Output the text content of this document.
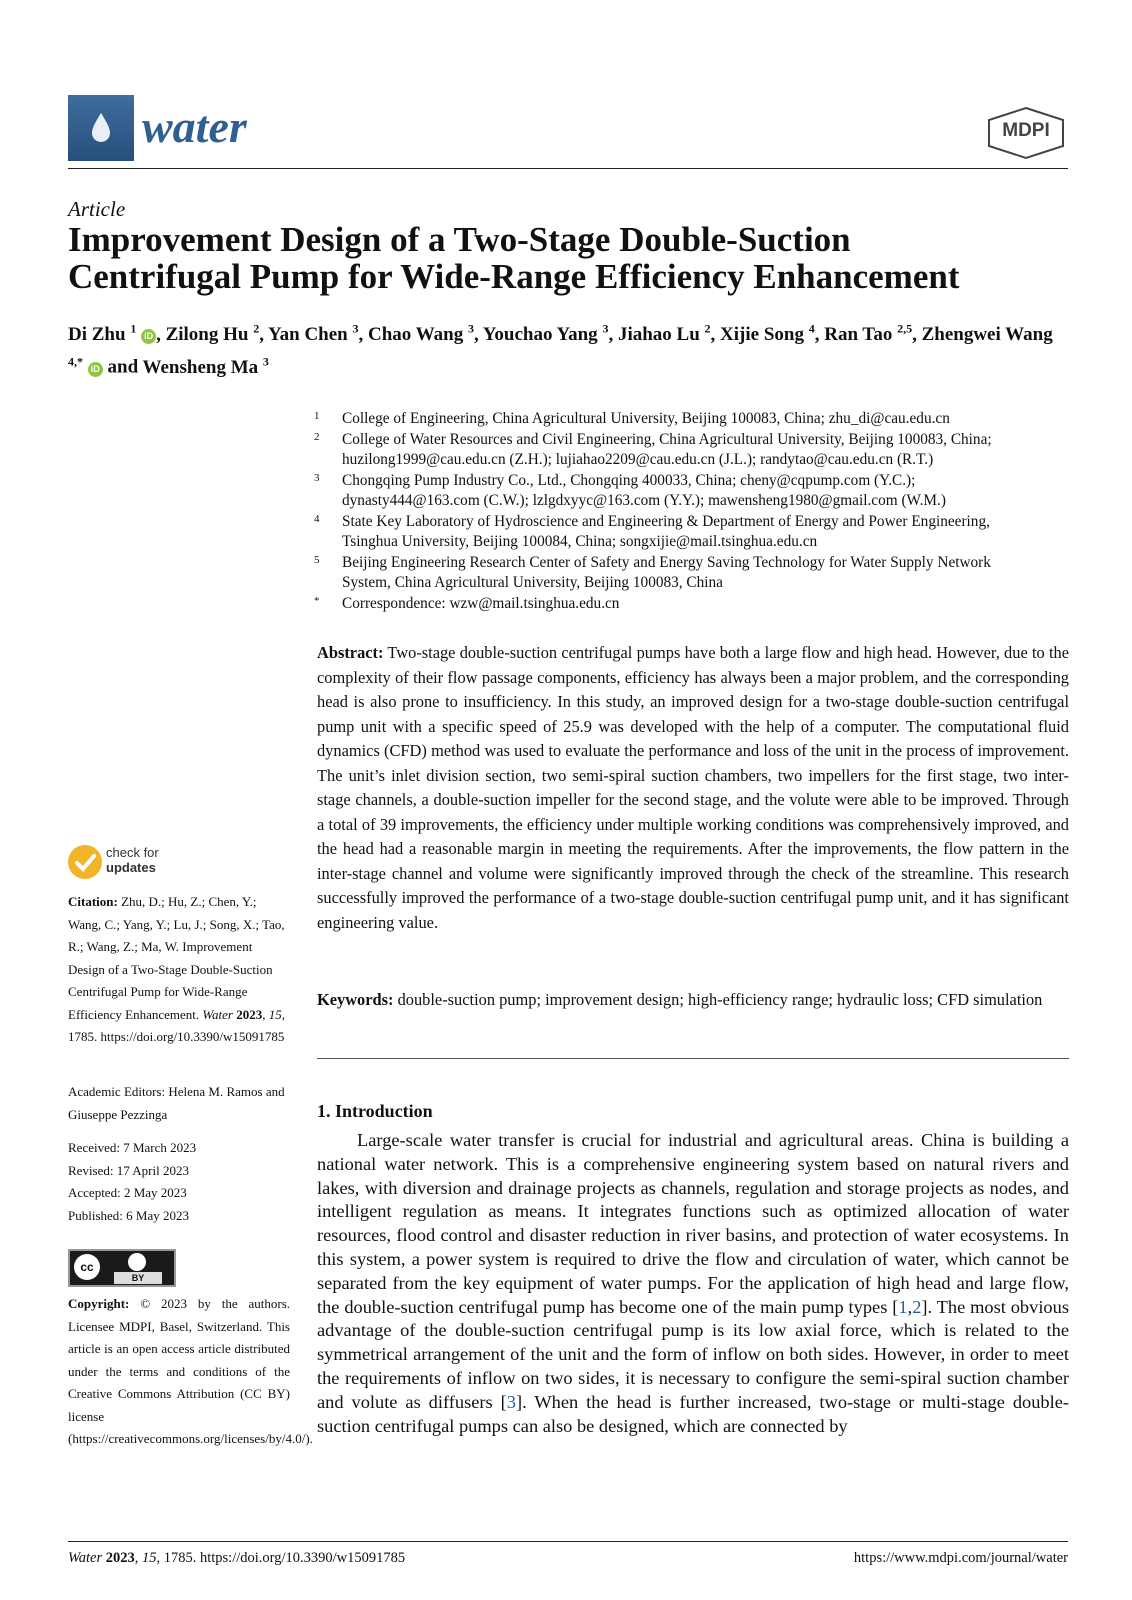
water	MDPI
Article
Improvement Design of a Two-Stage Double-Suction
Centrifugal Pump for Wide-Range Efficiency Enhancement
Di Zhu $^1$ iD , Zilong Hu $^2$, Yan Chen $^3$, Chao Wang $^3$, Youchao Yang $^3$, Jiahao Lu $^2$, Xijie Song $^4$, Ran Tao $^{2,5}$, Zhengwei Wang $^{4,*}$ iD and Wensheng Ma $^3$
1 College of Engineering, China Agricultural University, Beijing 100083, China; zhu_di@cau.edu.cn
2 College of Water Resources and Civil Engineering, China Agricultural University, Beijing 100083, China;
huzilong1999@cau.edu.cn (Z.H.); lujiahao2209@cau.edu.cn (J.L.); randytao@cau.edu.cn (R.T.)
3 Chongqing Pump Industry Co., Ltd., Chongqing 400033, China; cheny@cqpump.com (Y.C.);
dynasty444@163.com (C.W.); lzlgdxyyc@163.com (Y.Y.); mawensheng1980@gmail.com (W.M.)
4 State Key Laboratory of Hydroscience and Engineering & Department of Energy and Power Engineering,
Tsinghua University, Beijing 100084, China; songxijie@mail.tsinghua.edu.cn
5 Beijing Engineering Research Center of Safety and Energy Saving Technology for Water Supply Network
System, China Agricultural University, Beijing 100083, China
* Correspondence: wzw@mail.tsinghua.edu.cn
Abstract: Two-stage double-suction centrifugal pumps have both a large flow and high head. However, due to the complexity of their flow passage components, efficiency has always been a major problem, and the corresponding head is also prone to insufficiency. In this study, an improved design for a two-stage double-suction centrifugal pump unit with a specific speed of 25.9 was developed with the help of a computer. The computational fluid dynamics (CFD) method was used to evaluate the performance and loss of the unit in the process of improvement. The unit’s inlet division section, two semi-spiral suction chambers, two impellers for the first stage, two inter-stage channels, a double-suction impeller for the second stage, and the volute were able to be improved. Through a total of 39 improvements, the efficiency under multiple working conditions was comprehensively improved, and the head had a reasonable margin in meeting the requirements. After the improvements, the flow pattern in the inter-stage channel and volume were significantly improved through the check of the streamline. This research successfully improved the performance of a two-stage double-suction centrifugal pump unit, and it has significant engineering value.
Keywords: double-suction pump; improvement design; high-efficiency range; hydraulic loss; CFD simulation
1. Introduction
Large-scale water transfer is crucial for industrial and agricultural areas. China is building a national water network. This is a comprehensive engineering system based on natural rivers and lakes, with diversion and drainage projects as channels, regulation and storage projects as nodes, and intelligent regulation as means. It integrates functions such as optimized allocation of water resources, flood control and disaster reduction in river basins, and protection of water ecosystems. In this system, a power system is required to drive the flow and circulation of water, which cannot be separated from the key equipment of water pumps. For the application of high head and large flow, the double-suction centrifugal pump has become one of the main pump types [1,2]. The most obvious advantage of the double-suction centrifugal pump is its low axial force, which is related to the symmetrical arrangement of the unit and the form of inflow on both sides. However, in order to meet the requirements of inflow on two sides, it is necessary to configure the semi-spiral suction chamber and volute as diffusers [3]. When the head is further increased, two-stage or multi-stage double-suction centrifugal pumps can also be designed, which are connected by
check for
updates
Citation: Zhu, D.; Hu, Z.; Chen, Y.; Wang, C.; Yang, Y.; Lu, J.; Song, X.; Tao, R.; Wang, Z.; Ma, W. Improvement Design of a Two-Stage Double-Suction Centrifugal Pump for Wide-Range Efficiency Enhancement. Water 2023, 15, 1785. https://doi.org/10.3390/w15091785
Academic Editors: Helena M. Ramos and Giuseppe Pezzinga
Received: 7 March 2023
Revised: 17 April 2023
Accepted: 2 May 2023
Published: 6 May 2023
cc
BY
Copyright: © 2023 by the authors. Licensee MDPI, Basel, Switzerland. This article is an open access article distributed under the terms and conditions of the Creative Commons Attribution (CC BY) license (https://creativecommons.org/licenses/by/4.0/).
Water 2023, 15, 1785. https://doi.org/10.3390/w15091785	https://www.mdpi.com/journal/water
